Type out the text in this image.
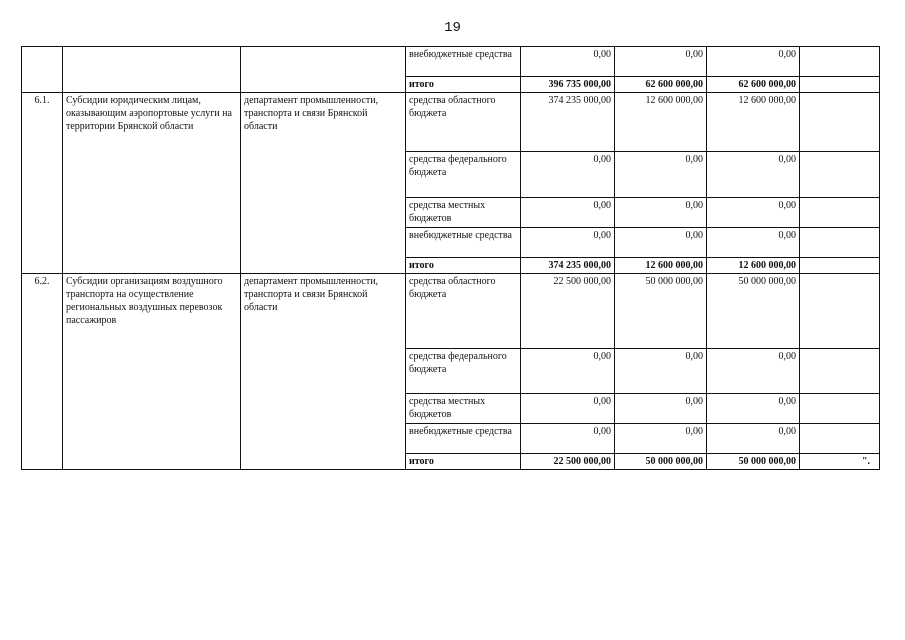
19
			внебюджетные средства	0,00	0,00	0,00	
			итого	396 735 000,00	62 600 000,00	62 600 000,00	
6.1.	Субсидии юридическим лицам, оказывающим аэропортовые услуги на территории Брянской области	департамент промышленности, транспорта и связи Брянской области	средства областного бюджета	374 235 000,00	12 600 000,00	12 600 000,00	
			средства федерального бюджета	0,00	0,00	0,00	
			средства местных бюджетов	0,00	0,00	0,00	
			внебюджетные средства	0,00	0,00	0,00	
			итого	374 235 000,00	12 600 000,00	12 600 000,00	
6.2.	Субсидии организациям воздушного транспорта на осуществление региональных воздушных перевозок пассажиров	департамент промышленности, транспорта и связи Брянской области	средства областного бюджета	22 500 000,00	50 000 000,00	50 000 000,00	
			средства федерального бюджета	0,00	0,00	0,00	
			средства местных бюджетов	0,00	0,00	0,00	
			внебюджетные средства	0,00	0,00	0,00	
			итого	22 500 000,00	50 000 000,00	50 000 000,00	".
